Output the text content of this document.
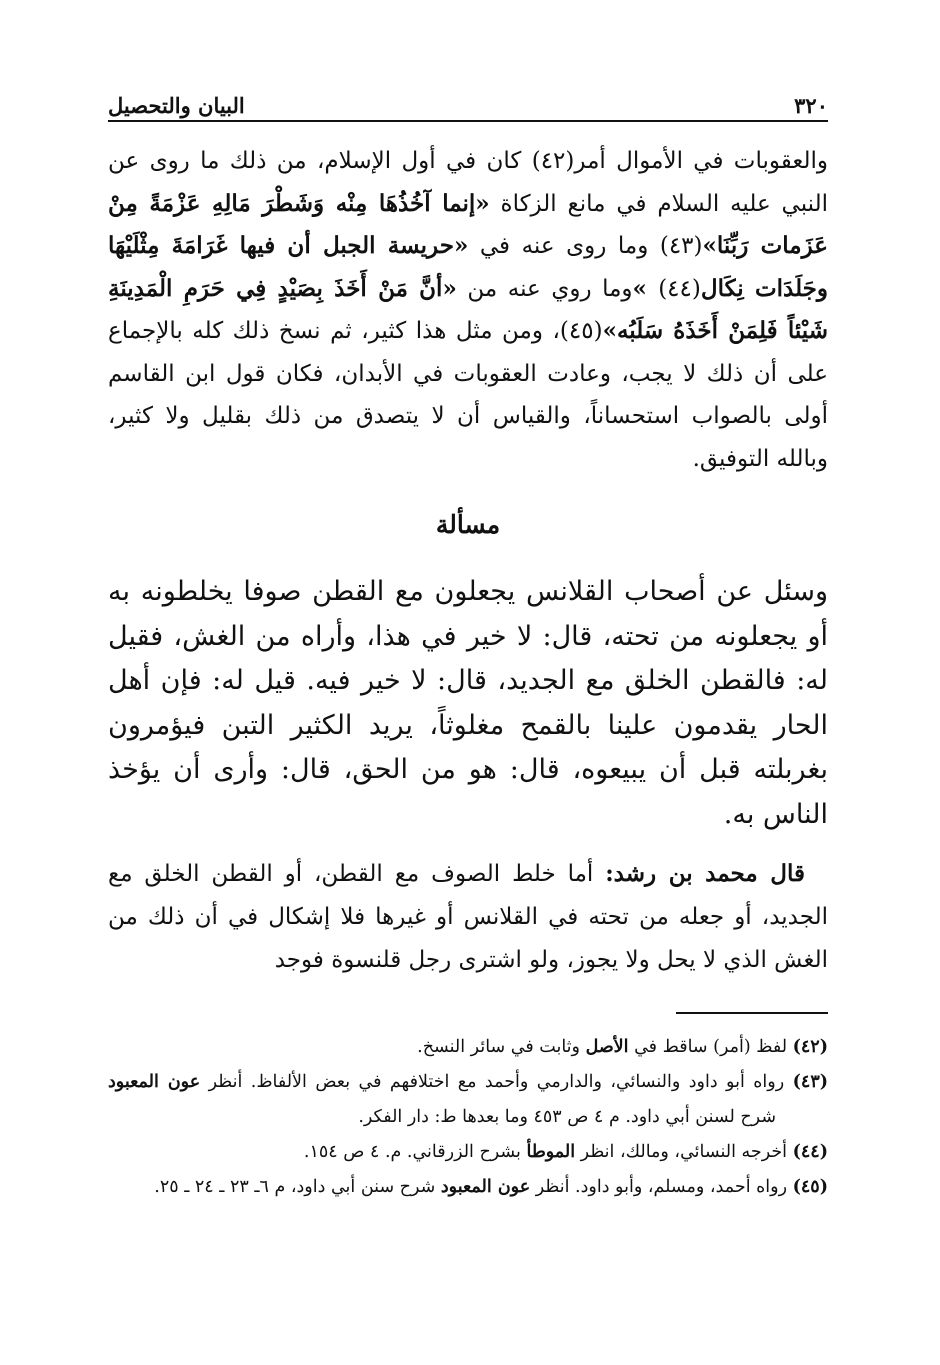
٣٢٠
البيان والتحصيل

والعقوبات في الأموال أمر(٤٢) كان في أول الإسلام، من ذلك ما روى عن النبي عليه السلام في مانع الزكاة «إنما آخُذُهَا مِنْه وَشَطْرَ مَالِهِ عَزْمَةً مِنْ عَزَمات رَبِّنَا»(٤٣) وما روى عنه في «حريسة الجبل أن فيها غَرَامَةَ مِثْلَيْهَا وجَلَدَات نِكَال(٤٤) »وما روي عنه من «أنَّ مَنْ أَخَذَ بِصَيْدٍ فِي حَرَمِ الْمَدِينَةِ شَيْئاً فَلِمَنْ أَخَذَهُ سَلَبُه»(٤٥)، ومن مثل هذا كثير، ثم نسخ ذلك كله بالإجماع على أن ذلك لا يجب، وعادت العقوبات في الأبدان، فكان قول ابن القاسم أولى بالصواب استحساناً، والقياس أن لا يتصدق من ذلك بقليل ولا كثير، وبالله التوفيق.

مسألة

وسئل عن أصحاب القلانس يجعلون مع القطن صوفا يخلطونه به أو يجعلونه من تحته، قال: لا خير في هذا، وأراه من الغش، فقيل له: فالقطن الخلق مع الجديد، قال: لا خير فيه. قيل له: فإن أهل الحار يقدمون علينا بالقمح مغلوثاً، يريد الكثير التبن فيؤمرون بغربلته قبل أن يبيعوه، قال: هو من الحق، قال: وأرى أن يؤخذ الناس به.

 قال محمد بن رشد: أما خلط الصوف مع القطن، أو القطن الخلق مع الجديد، أو جعله من تحته في القلانس أو غيرها فلا إشكال في أن ذلك من الغش الذي لا يحل ولا يجوز، ولو اشترى رجل قلنسوة فوجد

(٤٢) لفظ (أمر) ساقط في الأصل وثابت في سائر النسخ.

(٤٣) رواه أبو داود والنسائي، والدارمي وأحمد مع اختلافهم في بعض الألفاظ. أنظر عون المعبود شرح لسنن أبي داود. م ٤ ص ٤٥٣ وما بعدها ط: دار الفكر.

(٤٤) أخرجه النسائي، ومالك، انظر الموطأ بشرح الزرقاني. م. ٤ ص ١٥٤.

(٤٥) رواه أحمد، ومسلم، وأبو داود. أنظر عون المعبود شرح سنن أبي داود، م ٦ـ ٢٣ ـ ٢٤ ـ ٢٥.
